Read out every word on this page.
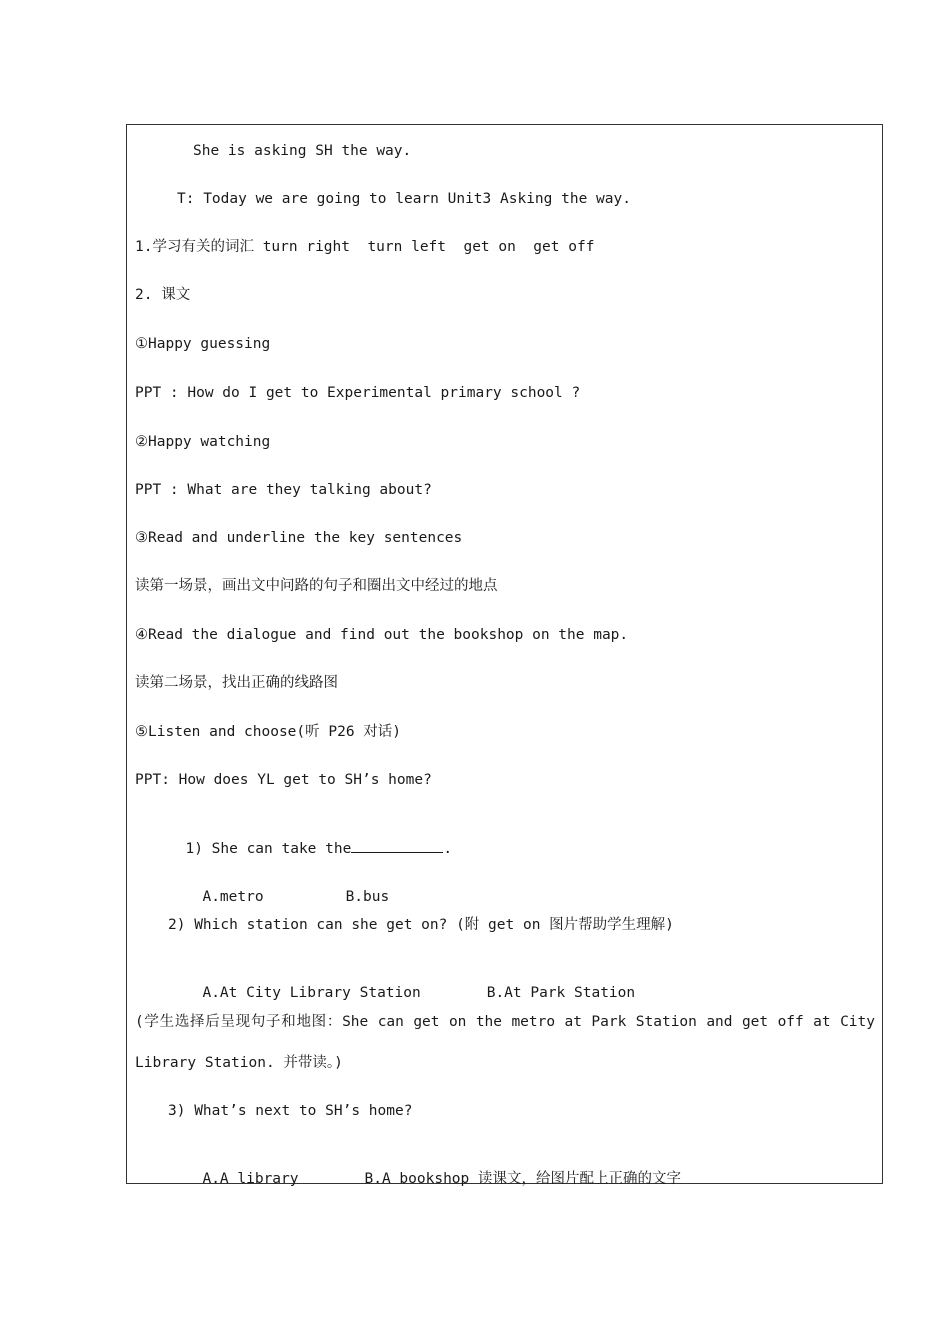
She is asking SH the way.
T: Today we are going to learn Unit3 Asking the way.
1.学习有关的词汇 turn right  turn left  get on  get off
2. 课文
①Happy guessing
PPT : How do I get to Experimental primary school ?
②Happy watching
PPT : What are they talking about?
③Read and underline the key sentences
读第一场景，画出文中问路的句子和圈出文中经过的地点
④Read the dialogue and find out the bookshop on the map.
读第二场景，找出正确的线路图
⑤Listen and choose(听 P26 对话)
PPT: How does YL get to SH’s home?

1) She can take the	.

A.metro	B.bus

2) Which station can she get on? (附 get on 图片帮助学生理解)

A.At City Library Station	B.At Park Station

(学生选择后呈现句子和地图：She can get on the metro at Park Station and get off at City
Library Station. 并带读。)
3) What’s next to SH’s home?

A.A library	B.A bookshop 读课文，给图片配上正确的文字
